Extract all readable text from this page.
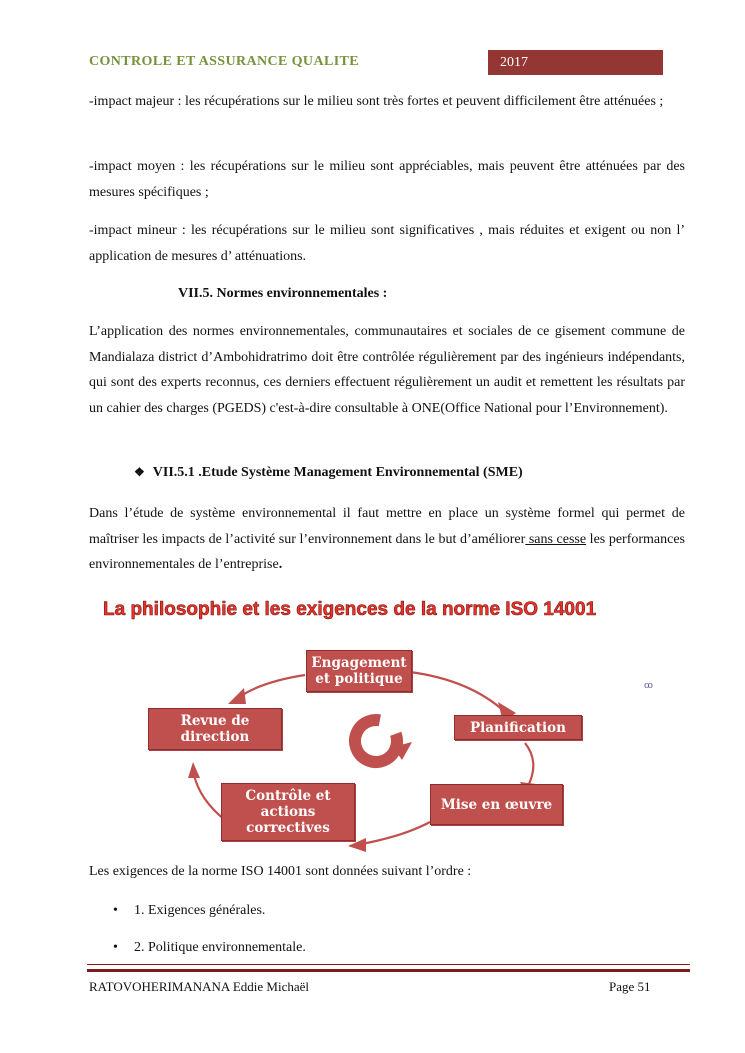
CONTROLE ET ASSURANCE QUALITE	2017

-impact majeur : les récupérations sur le milieu sont très fortes et peuvent difficilement être atténuées ;

-impact moyen : les récupérations sur le milieu sont appréciables, mais peuvent être atténuées par des mesures spécifiques ;

-impact mineur : les récupérations sur le milieu sont significatives , mais réduites et exigent ou non l’ application de mesures d’ atténuations.

VII.5. Normes environnementales :

L’application des normes environnementales, communautaires et sociales de ce gisement commune de Mandialaza district d’Ambohidratrimo doit être contrôlée régulièrement par des ingénieurs indépendants, qui sont des experts reconnus, ces derniers effectuent régulièrement un audit et remettent les résultats par un cahier des charges (PGEDS) c'est-à-dire consultable à ONE(Office National pour l’Environnement).

❖ VII.5.1 .Etude Système Management Environnemental (SME)

Dans l’étude de système environnemental il faut mettre en place un système formel qui permet de maîtriser les impacts de l’activité sur l’environnement dans le but d’améliorer sans cesse les performances environnementales de l’entreprise.

La philosophie et les exigences de la norme ISO 14001
Engagement et politique
Planification
Mise en œuvre
Contrôle et actions correctives
Revue de direction
ꝏ

Les exigences de la norme ISO 14001 sont données suivant l’ordre :

• 1. Exigences générales.
• 2. Politique environnementale.
RATOVOHERIMANANA Eddie Michaël	Page 51
